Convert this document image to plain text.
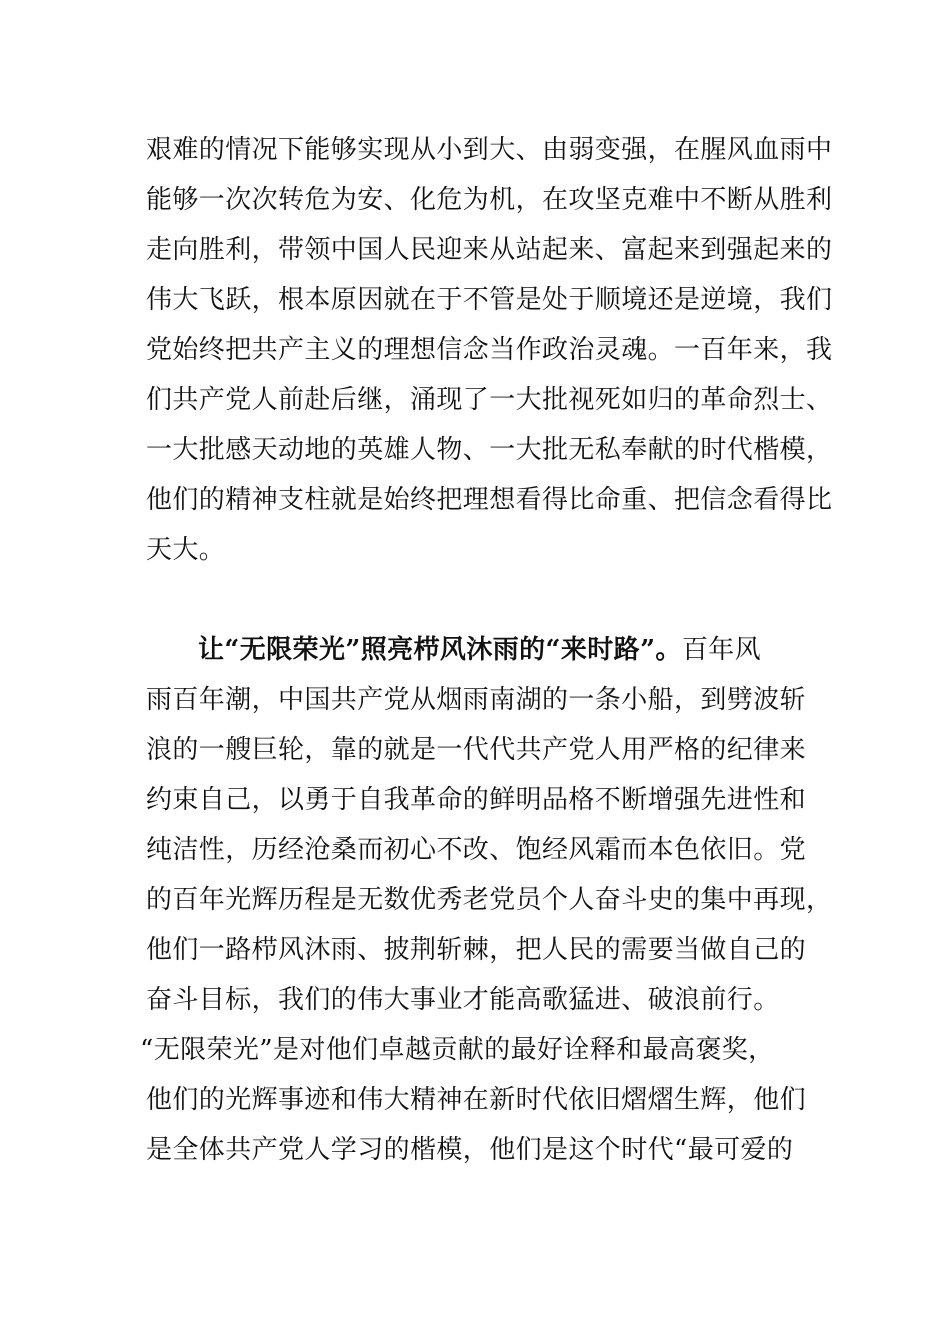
艰难的情况下能够实现从小到大、由弱变强，在腥风血雨中
能够一次次转危为安、化危为机，在攻坚克难中不断从胜利
走向胜利，带领中国人民迎来从站起来、富起来到强起来的
伟大飞跃，根本原因就在于不管是处于顺境还是逆境，我们
党始终把共产主义的理想信念当作政治灵魂。一百年来，我
们共产党人前赴后继，涌现了一大批视死如归的革命烈士、
一大批感天动地的英雄人物、一大批无私奉献的时代楷模，
他们的精神支柱就是始终把理想看得比命重、把信念看得比
天大。
让“无限荣光”照亮栉风沐雨的“来时路”。百年风
雨百年潮，中国共产党从烟雨南湖的一条小船，到劈波斩
浪的一艘巨轮，靠的就是一代代共产党人用严格的纪律来
约束自己，以勇于自我革命的鲜明品格不断增强先进性和
纯洁性，历经沧桑而初心不改、饱经风霜而本色依旧。党
的百年光辉历程是无数优秀老党员个人奋斗史的集中再现，
他们一路栉风沐雨、披荆斩棘，把人民的需要当做自己的
奋斗目标，我们的伟大事业才能高歌猛进、破浪前行。
“无限荣光”是对他们卓越贡献的最好诠释和最高褒奖，
他们的光辉事迹和伟大精神在新时代依旧熠熠生辉，他们
是全体共产党人学习的楷模，他们是这个时代“最可爱的
